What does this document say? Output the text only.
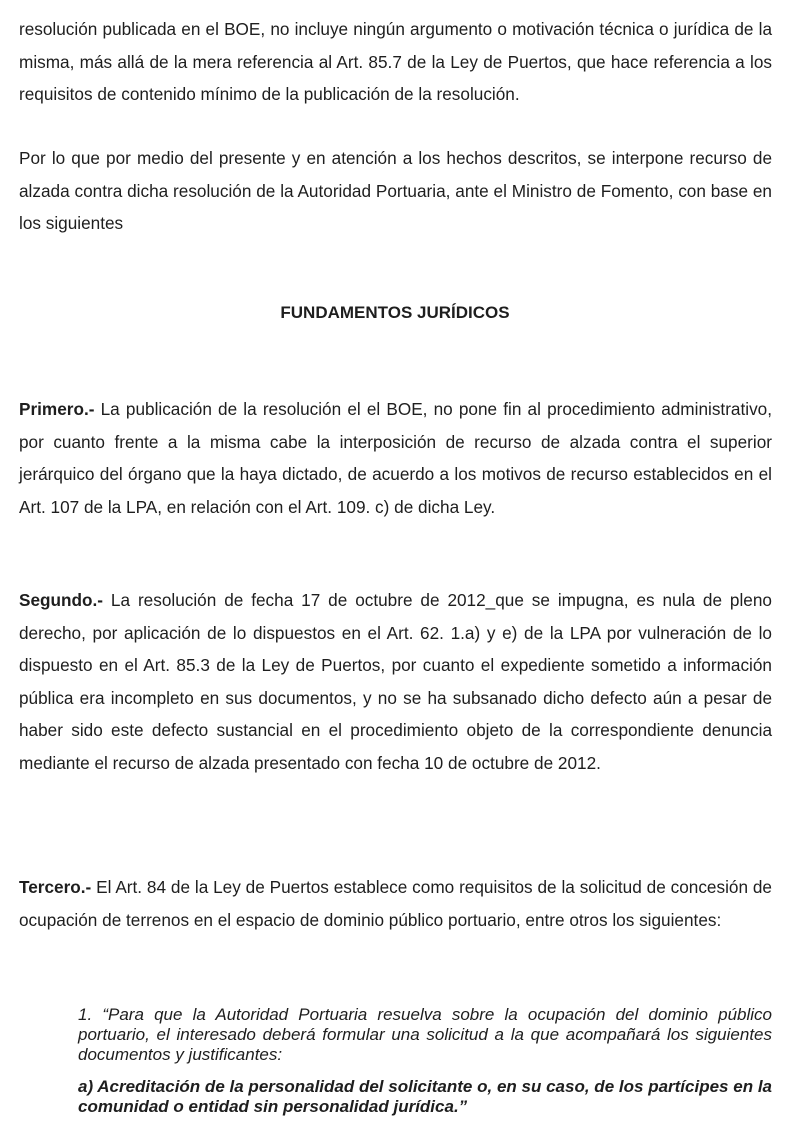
resolución publicada en el BOE, no incluye ningún argumento o motivación técnica o jurídica de la misma, más allá de la mera referencia al Art. 85.7 de la Ley de Puertos, que hace referencia a los requisitos de contenido mínimo de la publicación de la resolución.

Por lo que por medio del presente y en atención a los hechos descritos, se interpone recurso de alzada contra dicha resolución de la Autoridad Portuaria, ante el Ministro de Fomento, con base en los siguientes

FUNDAMENTOS JURÍDICOS

Primero.- La publicación de la resolución el el BOE, no pone fin al procedimiento administrativo, por cuanto frente a la misma cabe la interposición de recurso de alzada contra el superior jerárquico del órgano que la haya dictado, de acuerdo a los motivos de recurso establecidos en el Art. 107 de la LPA, en relación con el Art. 109. c) de dicha Ley.

Segundo.- La resolución de fecha 17 de octubre de 2012_que se impugna, es nula de pleno derecho, por aplicación de lo dispuestos en el Art. 62. 1.a) y e) de la LPA por vulneración de lo dispuesto en el Art. 85.3 de la Ley de Puertos, por cuanto el expediente sometido a información pública era incompleto en sus documentos, y no se ha subsanado dicho defecto aún a pesar de haber sido este defecto sustancial en el procedimiento objeto de la correspondiente denuncia mediante el recurso de alzada presentado con fecha 10 de octubre de 2012.

Tercero.- El Art. 84 de la Ley de Puertos establece como requisitos de la solicitud de concesión de ocupación de terrenos en el espacio de dominio público portuario, entre otros los siguientes:

1. “Para que la Autoridad Portuaria resuelva sobre la ocupación del dominio público portuario, el interesado deberá formular una solicitud a la que acompañará los siguientes documentos y justificantes:

a) Acreditación de la personalidad del solicitante o, en su caso, de los partícipes en la comunidad o entidad sin personalidad jurídica.”
